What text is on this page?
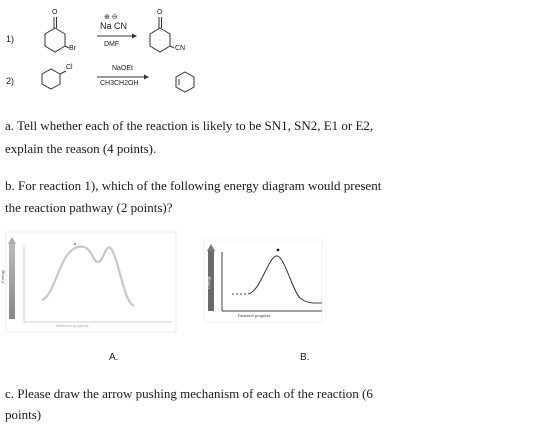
1)
O
Br
⊕ ⊖
Na CN
DMF
O
CN
2)
Cl	NaOEt
CH3CH2OH
a. Tell whether each of the reaction is likely to be SN1, SN2, E1 or E2,
explain the reason (4 points).
b. For reaction 1), which of the following energy diagram would present
the reaction pathway (2 points)?
Energy
Reaction progress
A.
Energy
Reaction progress
B.
c. Please draw the arrow pushing mechanism of each of the reaction (6
points)
